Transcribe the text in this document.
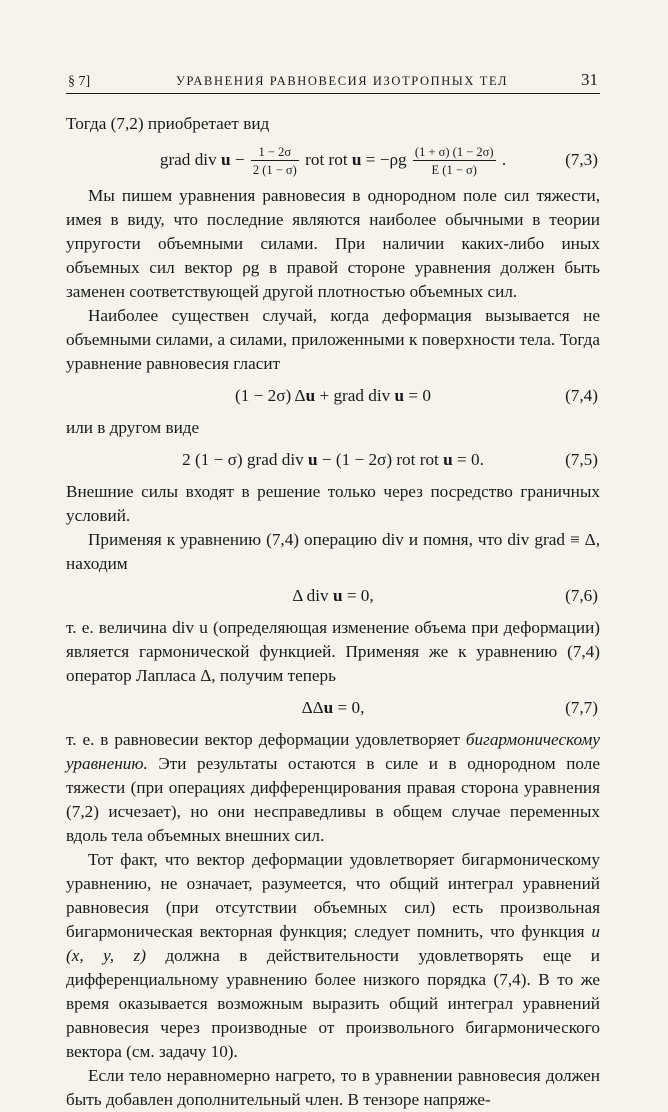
§ 7]	УРАВНЕНИЯ РАВНОВЕСИЯ ИЗОТРОПНЫХ ТЕЛ	31

Тогда (7,2) приобретает вид

grad div $u - \frac{1 - 2\sigma}{2 (1 - \sigma)}$ rot rot $u = -\rho g \frac{(1 + \sigma) (1 - 2\sigma)}{E (1 - \sigma)}$ .	(7,3)

Мы пишем уравнения равновесия в однородном поле сил тяжести, имея в виду, что последние являются наиболее обычными в теории упругости объемными силами. При наличии каких-либо иных объемных сил вектор ρg в правой стороне уравнения должен быть заменен соответствующей другой плотностью объемных сил.

Наиболее существен случай, когда деформация вызывается не объемными силами, а силами, приложенными к поверхности тела. Тогда уравнение равновесия гласит

(1 − 2σ) Δu + grad div u = 0	(7,4)

или в другом виде

2 (1 − σ) grad div u − (1 − 2σ) rot rot u = 0.	(7,5)

Внешние силы входят в решение только через посредство граничных условий.

Применяя к уравнению (7,4) операцию div и помня, что div grad ≡ Δ, находим

Δ div u = 0,	(7,6)

т. е. величина div u (определяющая изменение объема при деформации) является гармонической функцией. Применяя же к уравнению (7,4) оператор Лапласа Δ, получим теперь

ΔΔu = 0,	(7,7)

т. е. в равновесии вектор деформации удовлетворяет бигармоническому уравнению. Эти результаты остаются в силе и в однородном поле тяжести (при операциях дифференцирования правая сторона уравнения (7,2) исчезает), но они несправедливы в общем случае переменных вдоль тела объемных внешних сил.

Тот факт, что вектор деформации удовлетворяет бигармоническому уравнению, не означает, разумеется, что общий интеграл уравнений равновесия (при отсутствии объемных сил) есть произвольная бигармоническая векторная функция; следует помнить, что функция u (x, y, z) должна в действительности удовлетворять еще и дифференциальному уравнению более низкого порядка (7,4). В то же время оказывается возможным выразить общий интеграл уравнений равновесия через производные от произвольного бигармонического вектора (см. задачу 10).

Если тело неравномерно нагрето, то в уравнении равновесия должен быть добавлен дополнительный член. В тензоре напряже-
